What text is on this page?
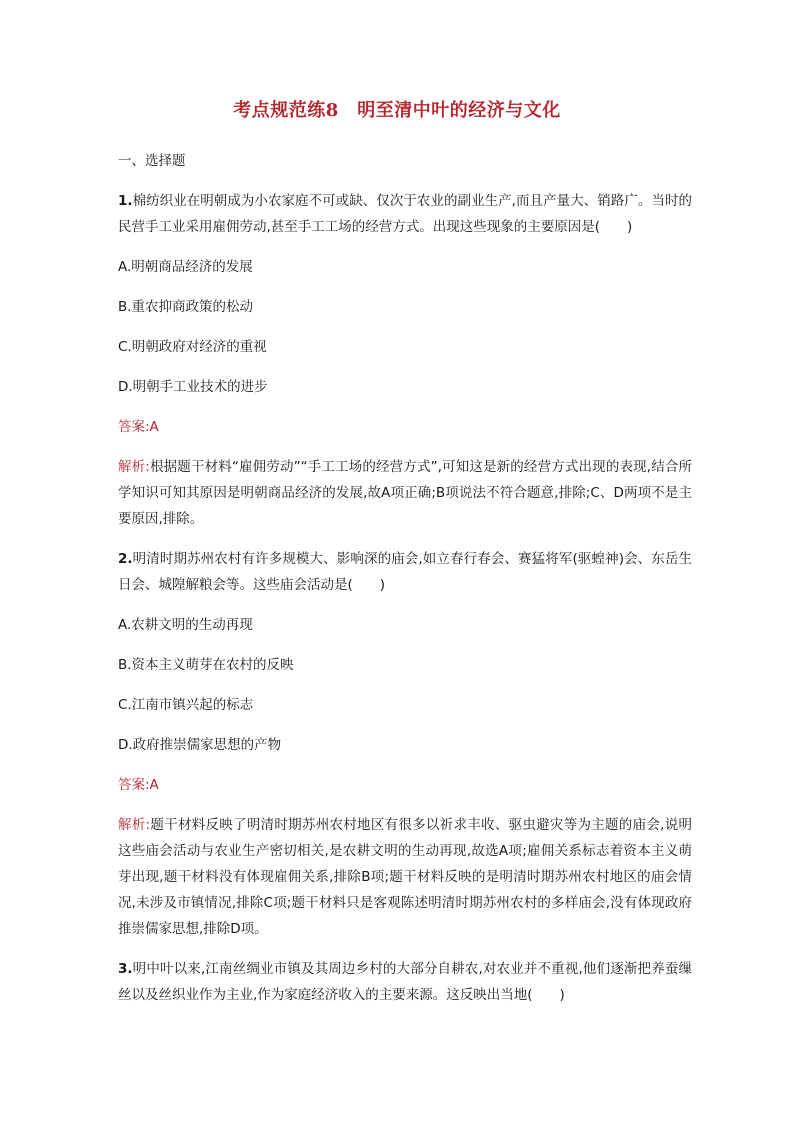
考点规范练8　明至清中叶的经济与文化
一、选择题
1.棉纺织业在明朝成为小农家庭不可或缺、仅次于农业的副业生产,而且产量大、销路广。当时的民营手工业采用雇佣劳动,甚至手工工场的经营方式。出现这些现象的主要原因是(　　)
A.明朝商品经济的发展
B.重农抑商政策的松动
C.明朝政府对经济的重视
D.明朝手工业技术的进步
答案:A
解析:根据题干材料“雇佣劳动”“手工工场的经营方式”,可知这是新的经营方式出现的表现,结合所学知识可知其原因是明朝商品经济的发展,故A项正确;B项说法不符合题意,排除;C、D两项不是主要原因,排除。
2.明清时期苏州农村有许多规模大、影响深的庙会,如立春行春会、赛猛将军(驱蝗神)会、东岳生日会、城隍解粮会等。这些庙会活动是(　　)
A.农耕文明的生动再现
B.资本主义萌芽在农村的反映
C.江南市镇兴起的标志
D.政府推崇儒家思想的产物
答案:A
解析:题干材料反映了明清时期苏州农村地区有很多以祈求丰收、驱虫避灾等为主题的庙会,说明这些庙会活动与农业生产密切相关,是农耕文明的生动再现,故选A项;雇佣关系标志着资本主义萌芽出现,题干材料没有体现雇佣关系,排除B项;题干材料反映的是明清时期苏州农村地区的庙会情况,未涉及市镇情况,排除C项;题干材料只是客观陈述明清时期苏州农村的多样庙会,没有体现政府推崇儒家思想,排除D项。
3.明中叶以来,江南丝绸业市镇及其周边乡村的大部分自耕农,对农业并不重视,他们逐渐把养蚕缫丝以及丝织业作为主业,作为家庭经济收入的主要来源。这反映出当地(　　)
